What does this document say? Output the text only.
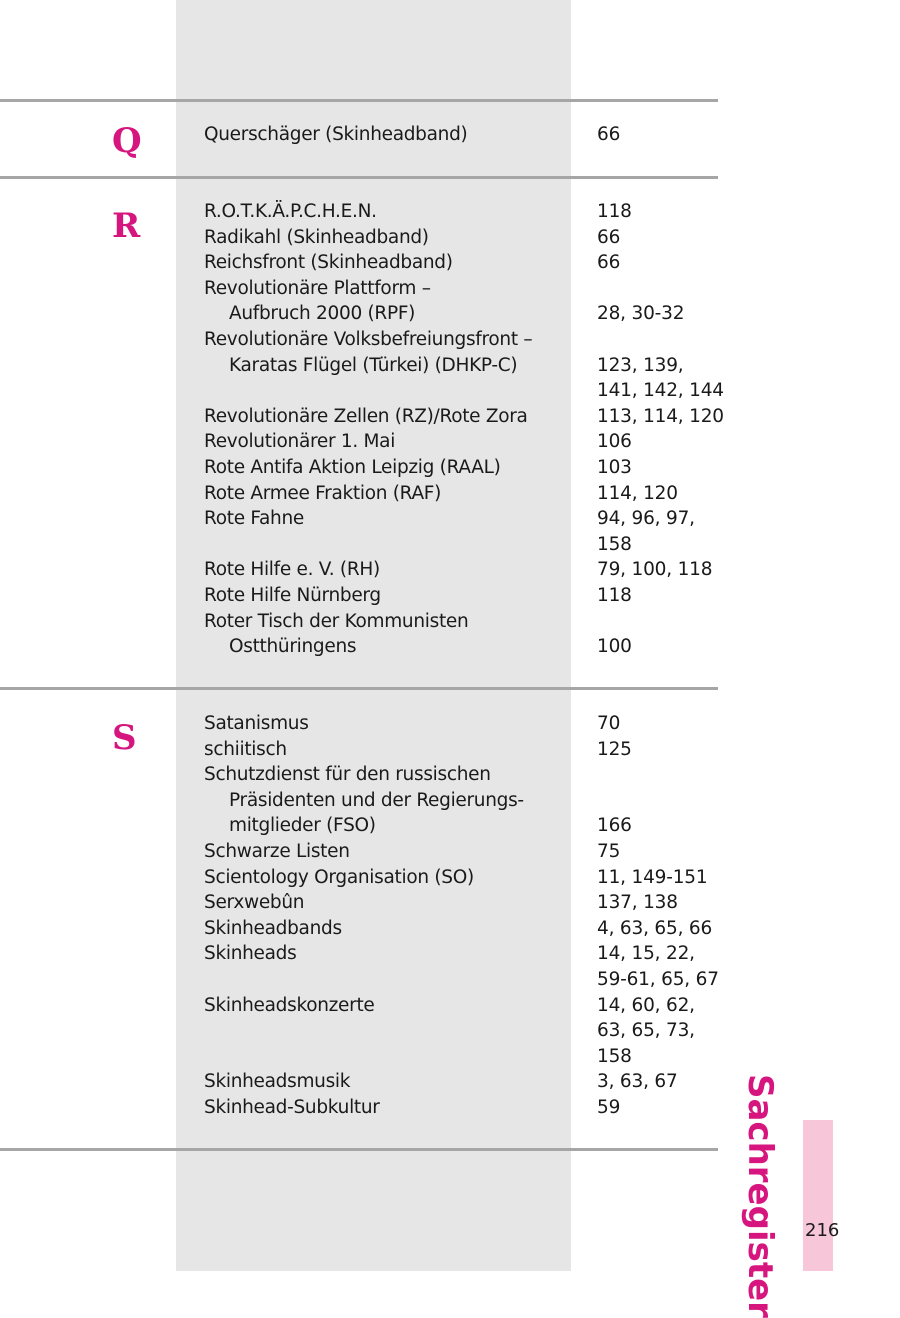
Q	Querschäger (Skinheadband)	66
R	R.O.T.K.Ä.P.C.H.E.N.	118
Radikahl (Skinheadband)	66
Reichsfront (Skinheadband)	66
Revolutionäre Plattform –
Aufbruch 2000 (RPF)	28, 30-32
Revolutionäre Volksbefreiungsfront –
Karatas Flügel (Türkei) (DHKP-C)	123, 139,
141, 142, 144
Revolutionäre Zellen (RZ)/Rote Zora	113, 114, 120
Revolutionärer 1. Mai	106
Rote Antifa Aktion Leipzig (RAAL)	103
Rote Armee Fraktion (RAF)	114, 120
Rote Fahne	94, 96, 97,
158
Rote Hilfe e. V. (RH)	79, 100, 118
Rote Hilfe Nürnberg	118
Roter Tisch der Kommunisten
Ostthüringens	100
S	Satanismus	70
schiitisch	125
Schutzdienst für den russischen
Präsidenten und der Regierungs-
mitglieder (FSO)	166
Schwarze Listen	75
Scientology Organisation (SO)	11, 149-151
Serxwebûn	137, 138
Skinheadbands	4, 63, 65, 66
Skinheads	14, 15, 22,
59-61, 65, 67
Skinheadskonzerte	14, 60, 62,
63, 65, 73,
158
Skinheadsmusik	3, 63, 67
Skinhead-Subkultur	59	Sachregister 216
